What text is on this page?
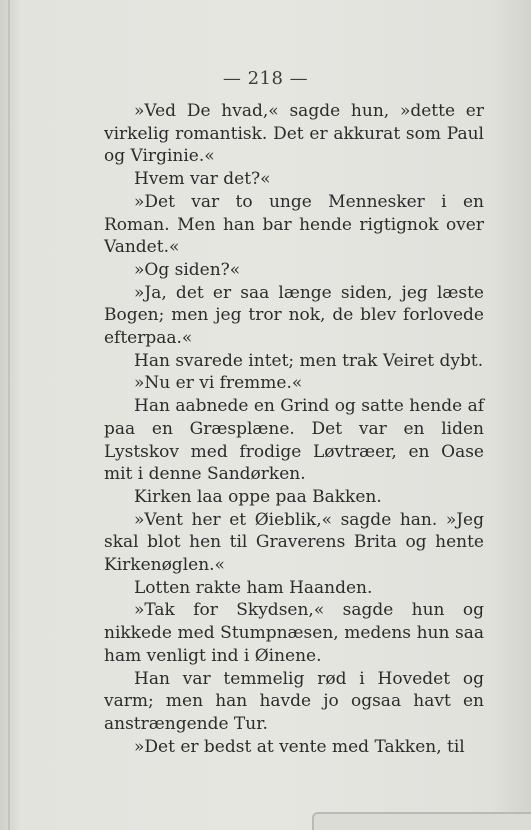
— 218 —

»Ved De hvad,« sagde hun, »dette er virkelig romantisk. Det er akkurat som Paul og Virginie.«

Hvem var det?«

»Det var to unge Mennesker i en Roman. Men han bar hende rigtignok over Vandet.«

»Og siden?«

»Ja, det er saa længe siden, jeg læste Bogen; men jeg tror nok, de blev forlovede efterpaa.«

Han svarede intet; men trak Veiret dybt.

»Nu er vi fremme.«

Han aabnede en Grind og satte hende af paa en Græsplæne. Det var en liden Lystskov med frodige Løvtræer, en Oase mit i denne Sandørken.

Kirken laa oppe paa Bakken.

»Vent her et Øieblik,« sagde han. »Jeg skal blot hen til Graverens Brita og hente Kirkenøglen.«

Lotten rakte ham Haanden.

»Tak for Skydsen,« sagde hun og nikkede med Stumpnæsen, medens hun saa ham venligt ind i Øinene.

Han var temmelig rød i Hovedet og varm; men han havde jo ogsaa havt en anstrængende Tur.

»Det er bedst at vente med Takken, til
